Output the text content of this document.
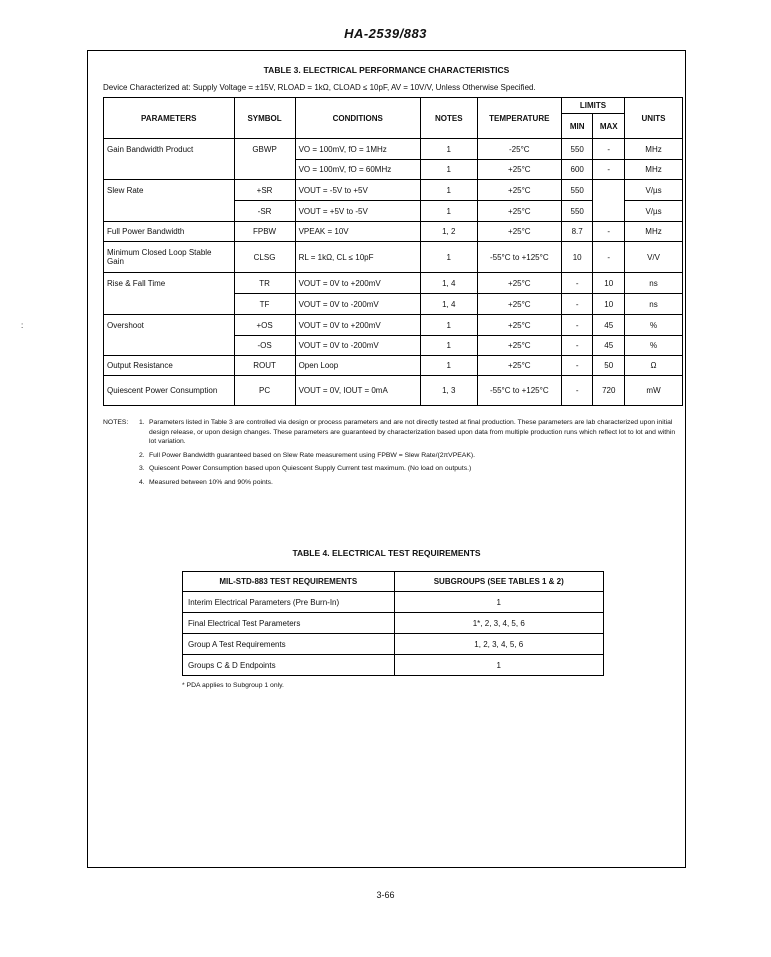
HA-2539/883
:
TABLE 3. ELECTRICAL PERFORMANCE CHARACTERISTICS
Device Characterized at: Supply Voltage = ±15V, RLOAD = 1kΩ, CLOAD ≤ 10pF, AV = 10V/V, Unless Otherwise Specified.
PARAMETERS	SYMBOL	CONDITIONS	NOTES	TEMPERATURE	LIMITS		UNITS
					MIN	MAX	
Gain Bandwidth Product	GBWP	VO = 100mV, fO = 1MHz	1	-25°C	550	-	MHz
		VO = 100mV, fO = 60MHz	1	+25°C	600	-	MHz
Slew Rate	+SR	VOUT = -5V to +5V	1	+25°C	550		V/µs
	-SR	VOUT = +5V to -5V	1	+25°C	550		V/µs
Full Power Bandwidth	FPBW	VPEAK = 10V	1, 2	+25°C	8.7	-	MHz
Minimum Closed Loop Stable Gain	CLSG	RL = 1kΩ, CL ≤ 10pF	1	-55°C to +125°C	10	-	V/V
Rise & Fall Time	TR	VOUT = 0V to +200mV	1, 4	+25°C	-	10	ns
	TF	VOUT = 0V to -200mV	1, 4	+25°C	-	10	ns
Overshoot	+OS	VOUT = 0V to +200mV	1	+25°C	-	45	%
	-OS	VOUT = 0V to -200mV	1	+25°C	-	45	%
Output Resistance	ROUT	Open Loop	1	+25°C	-	50	Ω
Quiescent Power Consumption	PC	VOUT = 0V, IOUT = 0mA	1, 3	-55°C to +125°C	-	720	mW
NOTES:	1. Parameters listed in Table 3 are controlled via design or process parameters and are not directly tested at final production. These parameters are lab characterized upon initial design release, or upon design changes. These parameters are guaranteed by characterization based upon data from multiple production runs which reflect lot to lot and within lot variation.
2. Full Power Bandwidth guaranteed based on Slew Rate measurement using FPBW = Slew Rate/(2πVPEAK).
3. Quiescent Power Consumption based upon Quiescent Supply Current test maximum. (No load on outputs.)
4. Measured between 10% and 90% points.
TABLE 4. ELECTRICAL TEST REQUIREMENTS
MIL-STD-883 TEST REQUIREMENTS	SUBGROUPS (SEE TABLES 1 & 2)
Interim Electrical Parameters (Pre Burn-In)	1
Final Electrical Test Parameters	1*, 2, 3, 4, 5, 6
Group A Test Requirements	1, 2, 3, 4, 5, 6
Groups C & D Endpoints	1
* PDA applies to Subgroup 1 only.
3-66
